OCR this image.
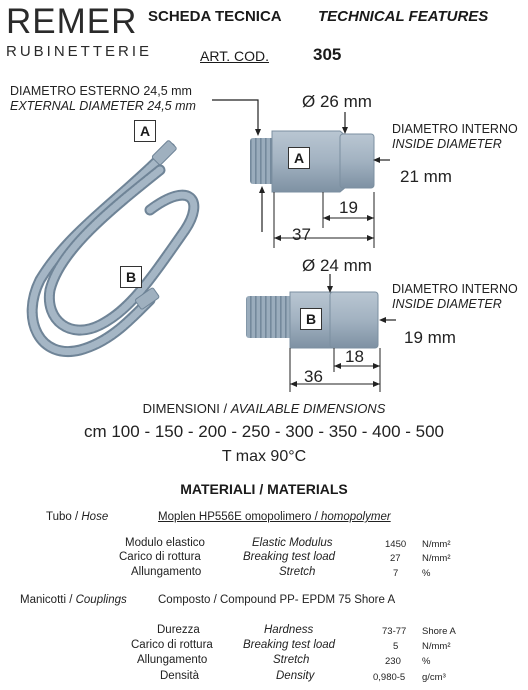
REMER
RUBINETTERIE
SCHEDA TECNICA TECHNICAL FEATURES
ART. COD.	305
DIAMETRO ESTERNO 24,5 mm
EXTERNAL DIAMETER 24,5 mm
A
B
Ø 26 mm
A
DIAMETRO INTERNO
INSIDE DIAMETER
21 mm
19
37
Ø 24 mm
B
DIAMETRO INTERNO
INSIDE DIAMETER
19 mm
18
36
DIMENSIONI / AVAILABLE DIMENSIONS
cm 100 - 150 - 200 - 250 - 300 - 350 - 400 - 500
T max 90°C
MATERIALI / MATERIALS
Tubo / Hose	Moplen HP556E omopolimero / homopolymer
Modulo elastico	Elastic Modulus	1450 N/mm²
Carico di rottura	Breaking test load	27 N/mm²
Allungamento	Stretch	7 %
Manicotti / Couplings	Composto / Compound PP- EPDM 75 Shore A
Durezza	Hardness	73-77 Shore A
Carico di rottura	Breaking test load	5 N/mm²
Allungamento	Stretch	230 %
Densità	Density	0,980-5 g/cm³
